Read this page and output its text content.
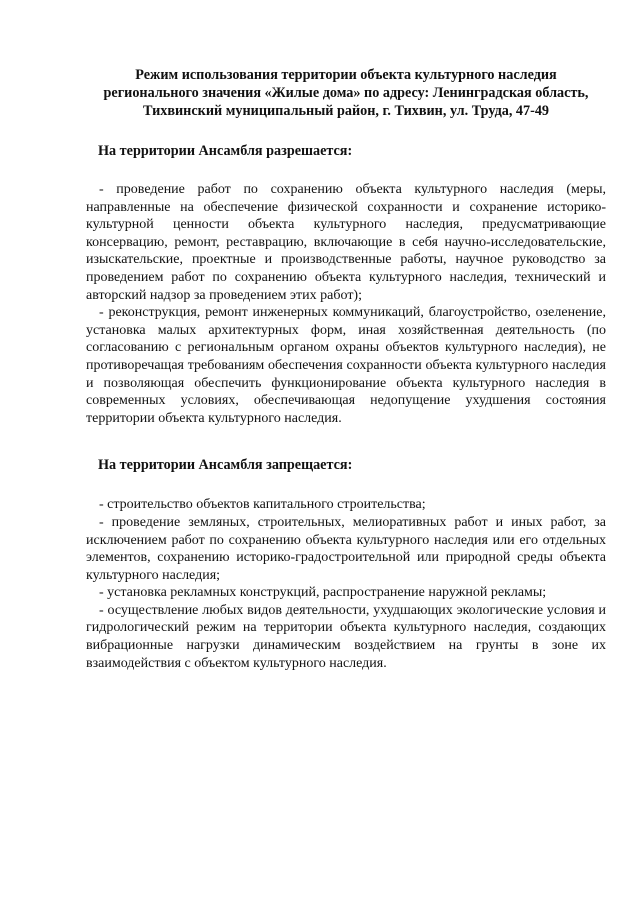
Режим использования территории объекта культурного наследия
регионального значения «Жилые дома» по адресу: Ленинградская область,
Тихвинский муниципальный район, г. Тихвин, ул. Труда, 47-49
На территории Ансамбля разрешается:

- проведение работ по сохранению объекта культурного наследия (меры, направленные на обеспечение физической сохранности и сохранение историко-культурной ценности объекта культурного наследия, предусматривающие консервацию, ремонт, реставрацию, включающие в себя научно-исследовательские, изыскательские, проектные и производственные работы, научное руководство за проведением работ по сохранению объекта культурного наследия, технический и авторский надзор за проведением этих работ);

- реконструкция, ремонт инженерных коммуникаций, благоустройство, озеленение, установка малых архитектурных форм, иная хозяйственная деятельность (по согласованию с региональным органом охраны объектов культурного наследия), не противоречащая требованиям обеспечения сохранности объекта культурного наследия и позволяющая обеспечить функционирование объекта культурного наследия в современных условиях, обеспечивающая недопущение ухудшения состояния территории объекта культурного наследия.

На территории Ансамбля запрещается:

- строительство объектов капитального строительства;

- проведение земляных, строительных, мелиоративных работ и иных работ, за исключением работ по сохранению объекта культурного наследия или его отдельных элементов, сохранению историко-градостроительной или природной среды объекта культурного наследия;

- установка рекламных конструкций, распространение наружной рекламы;

- осуществление любых видов деятельности, ухудшающих экологические условия и гидрологический режим на территории объекта культурного наследия, создающих вибрационные нагрузки динамическим воздействием на грунты в зоне их взаимодействия с объектом культурного наследия.
